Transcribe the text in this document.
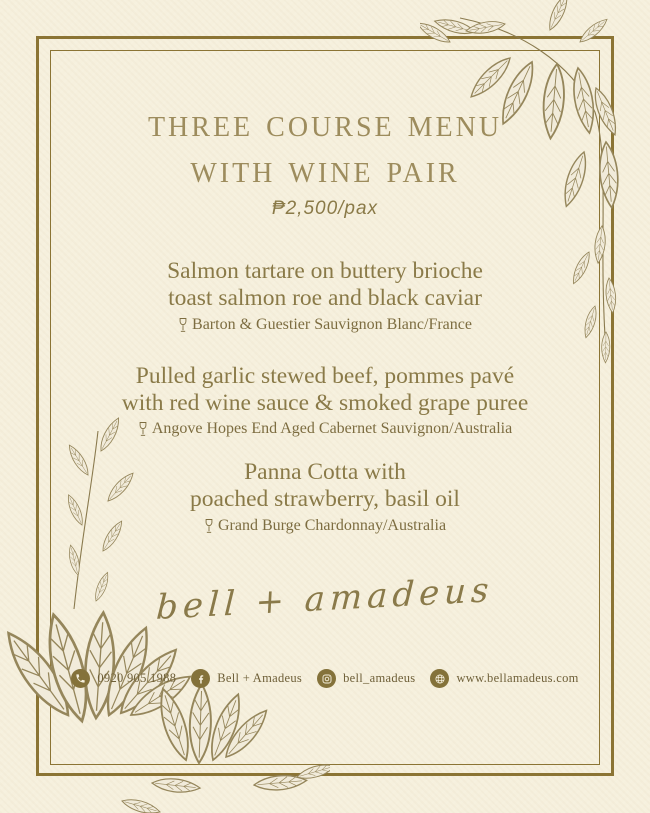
three course menu
with wine pair
₱2,500/pax
Salmon tartare on buttery brioche
toast salmon roe and black caviar
Barton & Guestier Sauvignon Blanc/France
Pulled garlic stewed beef, pommes pavé
with red wine sauce & smoked grape puree
Angove Hopes End Aged Cabernet Sauvignon/Australia
Panna Cotta with
poached strawberry, basil oil
Grand Burge Chardonnay/Australia
bell + amadeus
0920 905 1988	Bell + Amadeus	bell_amadeus	www.bellamadeus.com
